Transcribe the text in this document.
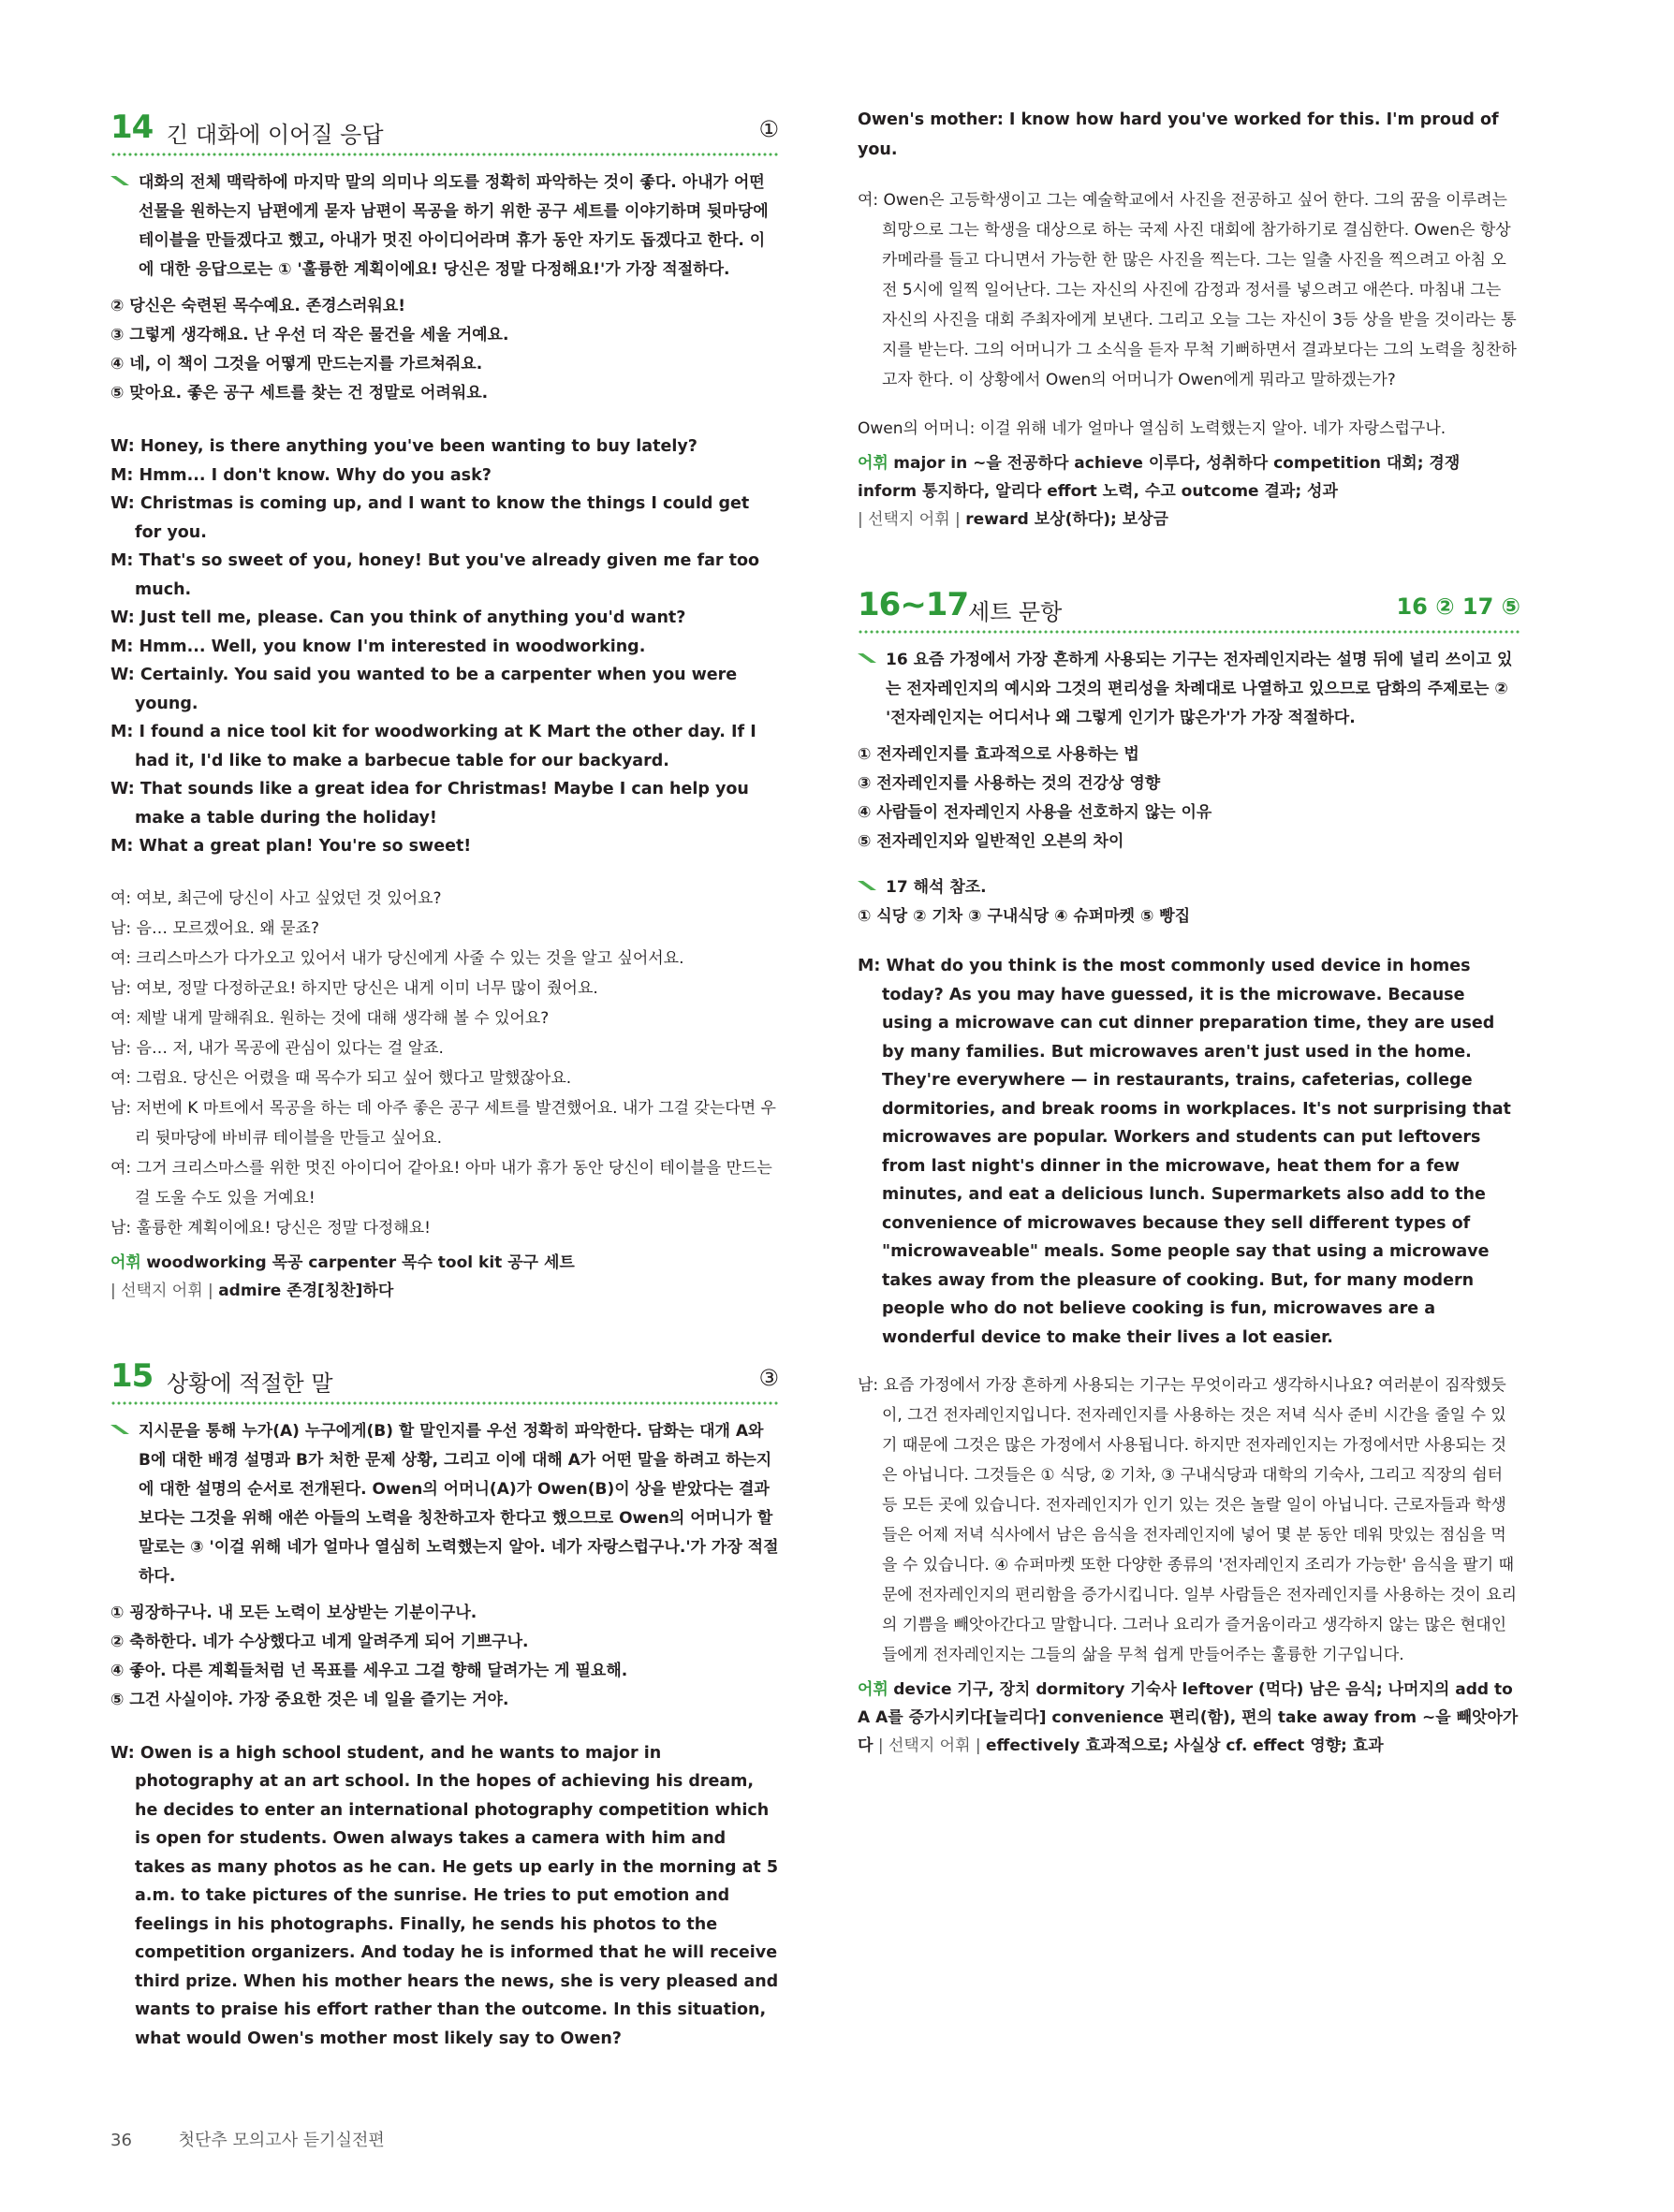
14 긴 대화에 이어질 응답	①
대화의 전체 맥락하에 마지막 말의 의미나 의도를 정확히 파악하는 것이 좋다. 아내가 어떤 선물을 원하는지 남편에게 묻자 남편이 목공을 하기 위한 공구 세트를 이야기하며 뒷마당에 테이블을 만들겠다고 했고, 아내가 멋진 아이디어라며 휴가 동안 자기도 돕겠다고 한다. 이에 대한 응답으로는 ① '훌륭한 계획이에요! 당신은 정말 다정해요!'가 가장 적절하다.
② 당신은 숙련된 목수예요. 존경스러워요!
③ 그렇게 생각해요. 난 우선 더 작은 물건을 세울 거예요.
④ 네, 이 책이 그것을 어떻게 만드는지를 가르쳐줘요.
⑤ 맞아요. 좋은 공구 세트를 찾는 건 정말로 어려워요.
W: Honey, is there anything you've been wanting to buy lately?
M: Hmm... I don't know. Why do you ask?
W: Christmas is coming up, and I want to know the things I could get for you.
M: That's so sweet of you, honey! But you've already given me far too much.
W: Just tell me, please. Can you think of anything you'd want?
M: Hmm... Well, you know I'm interested in woodworking.
W: Certainly. You said you wanted to be a carpenter when you were young.
M: I found a nice tool kit for woodworking at K Mart the other day. If I had it, I'd like to make a barbecue table for our backyard.
W: That sounds like a great idea for Christmas! Maybe I can help you make a table during the holiday!
M: What a great plan! You're so sweet!
여: 여보, 최근에 당신이 사고 싶었던 것 있어요?
남: 음… 모르겠어요. 왜 묻죠?
여: 크리스마스가 다가오고 있어서 내가 당신에게 사줄 수 있는 것을 알고 싶어서요.
남: 여보, 정말 다정하군요! 하지만 당신은 내게 이미 너무 많이 줬어요.
여: 제발 내게 말해줘요. 원하는 것에 대해 생각해 볼 수 있어요?
남: 음… 저, 내가 목공에 관심이 있다는 걸 알죠.
여: 그럼요. 당신은 어렸을 때 목수가 되고 싶어 했다고 말했잖아요.
남: 저번에 K 마트에서 목공을 하는 데 아주 좋은 공구 세트를 발견했어요. 내가 그걸 갖는다면 우리 뒷마당에 바비큐 테이블을 만들고 싶어요.
여: 그거 크리스마스를 위한 멋진 아이디어 같아요! 아마 내가 휴가 동안 당신이 테이블을 만드는 걸 도울 수도 있을 거예요!
남: 훌륭한 계획이에요! 당신은 정말 다정해요!
어휘 woodworking 목공 carpenter 목수 tool kit 공구 세트
| 선택지 어휘 | admire 존경[칭찬]하다
15 상황에 적절한 말	③
지시문을 통해 누가(A) 누구에게(B) 할 말인지를 우선 정확히 파악한다. 담화는 대개 A와 B에 대한 배경 설명과 B가 처한 문제 상황, 그리고 이에 대해 A가 어떤 말을 하려고 하는지에 대한 설명의 순서로 전개된다. Owen의 어머니(A)가 Owen(B)이 상을 받았다는 결과보다는 그것을 위해 애쓴 아들의 노력을 칭찬하고자 한다고 했으므로 Owen의 어머니가 할 말로는 ③ '이걸 위해 네가 얼마나 열심히 노력했는지 알아. 네가 자랑스럽구나.'가 가장 적절하다.
① 굉장하구나. 내 모든 노력이 보상받는 기분이구나.
② 축하한다. 네가 수상했다고 네게 알려주게 되어 기쁘구나.
④ 좋아. 다른 계획들처럼 넌 목표를 세우고 그걸 향해 달려가는 게 필요해.
⑤ 그건 사실이야. 가장 중요한 것은 네 일을 즐기는 거야.
W: Owen is a high school student, and he wants to major in photography at an art school. In the hopes of achieving his dream, he decides to enter an international photography competition which is open for students. Owen always takes a camera with him and takes as many photos as he can. He gets up early in the morning at 5 a.m. to take pictures of the sunrise. He tries to put emotion and feelings in his photographs. Finally, he sends his photos to the competition organizers. And today he is informed that he will receive third prize. When his mother hears the news, she is very pleased and wants to praise his effort rather than the outcome. In this situation, what would Owen's mother most likely say to Owen?
Owen's mother: I know how hard you've worked for this. I'm proud of you.
여: Owen은 고등학생이고 그는 예술학교에서 사진을 전공하고 싶어 한다. 그의 꿈을 이루려는 희망으로 그는 학생을 대상으로 하는 국제 사진 대회에 참가하기로 결심한다. Owen은 항상 카메라를 들고 다니면서 가능한 한 많은 사진을 찍는다. 그는 일출 사진을 찍으려고 아침 오전 5시에 일찍 일어난다. 그는 자신의 사진에 감정과 정서를 넣으려고 애쓴다. 마침내 그는 자신의 사진을 대회 주최자에게 보낸다. 그리고 오늘 그는 자신이 3등 상을 받을 것이라는 통지를 받는다. 그의 어머니가 그 소식을 듣자 무척 기뻐하면서 결과보다는 그의 노력을 칭찬하고자 한다. 이 상황에서 Owen의 어머니가 Owen에게 뭐라고 말하겠는가?
Owen의 어머니: 이걸 위해 네가 얼마나 열심히 노력했는지 알아. 네가 자랑스럽구나.
어휘 major in ~을 전공하다 achieve 이루다, 성취하다 competition 대회; 경쟁 inform 통지하다, 알리다 effort 노력, 수고 outcome 결과; 성과
| 선택지 어휘 | reward 보상(하다); 보상금
16~17 세트 문항	16 ② 17 ⑤
16 요즘 가정에서 가장 흔하게 사용되는 기구는 전자레인지라는 설명 뒤에 널리 쓰이고 있는 전자레인지의 예시와 그것의 편리성을 차례대로 나열하고 있으므로 담화의 주제로는 ② '전자레인지는 어디서나 왜 그렇게 인기가 많은가'가 가장 적절하다.
① 전자레인지를 효과적으로 사용하는 법
③ 전자레인지를 사용하는 것의 건강상 영향
④ 사람들이 전자레인지 사용을 선호하지 않는 이유
⑤ 전자레인지와 일반적인 오븐의 차이
17 해석 참조.
① 식당 ② 기차 ③ 구내식당 ④ 슈퍼마켓 ⑤ 빵집
M: What do you think is the most commonly used device in homes today? As you may have guessed, it is the microwave. Because using a microwave can cut dinner preparation time, they are used by many families. But microwaves aren't just used in the home. They're everywhere — in restaurants, trains, cafeterias, college dormitories, and break rooms in workplaces. It's not surprising that microwaves are popular. Workers and students can put leftovers from last night's dinner in the microwave, heat them for a few minutes, and eat a delicious lunch. Supermarkets also add to the convenience of microwaves because they sell different types of "microwaveable" meals. Some people say that using a microwave takes away from the pleasure of cooking. But, for many modern people who do not believe cooking is fun, microwaves are a wonderful device to make their lives a lot easier.
남: 요즘 가정에서 가장 흔하게 사용되는 기구는 무엇이라고 생각하시나요? 여러분이 짐작했듯이, 그건 전자레인지입니다. 전자레인지를 사용하는 것은 저녁 식사 준비 시간을 줄일 수 있기 때문에 그것은 많은 가정에서 사용됩니다. 하지만 전자레인지는 가정에서만 사용되는 것은 아닙니다. 그것들은 ① 식당, ② 기차, ③ 구내식당과 대학의 기숙사, 그리고 직장의 쉼터 등 모든 곳에 있습니다. 전자레인지가 인기 있는 것은 놀랄 일이 아닙니다. 근로자들과 학생들은 어제 저녁 식사에서 남은 음식을 전자레인지에 넣어 몇 분 동안 데워 맛있는 점심을 먹을 수 있습니다. ④ 슈퍼마켓 또한 다양한 종류의 '전자레인지 조리가 가능한' 음식을 팔기 때문에 전자레인지의 편리함을 증가시킵니다. 일부 사람들은 전자레인지를 사용하는 것이 요리의 기쁨을 빼앗아간다고 말합니다. 그러나 요리가 즐거움이라고 생각하지 않는 많은 현대인들에게 전자레인지는 그들의 삶을 무척 쉽게 만들어주는 훌륭한 기구입니다.
어휘 device 기구, 장치 dormitory 기숙사 leftover (먹다) 남은 음식; 나머지의 add to A A를 증가시키다[늘리다] convenience 편리(함), 편의 take away from ~을 빼앗아가다 | 선택지 어휘 | effectively 효과적으로; 사실상 cf. effect 영향; 효과
36	첫단추 모의고사 듣기실전편
